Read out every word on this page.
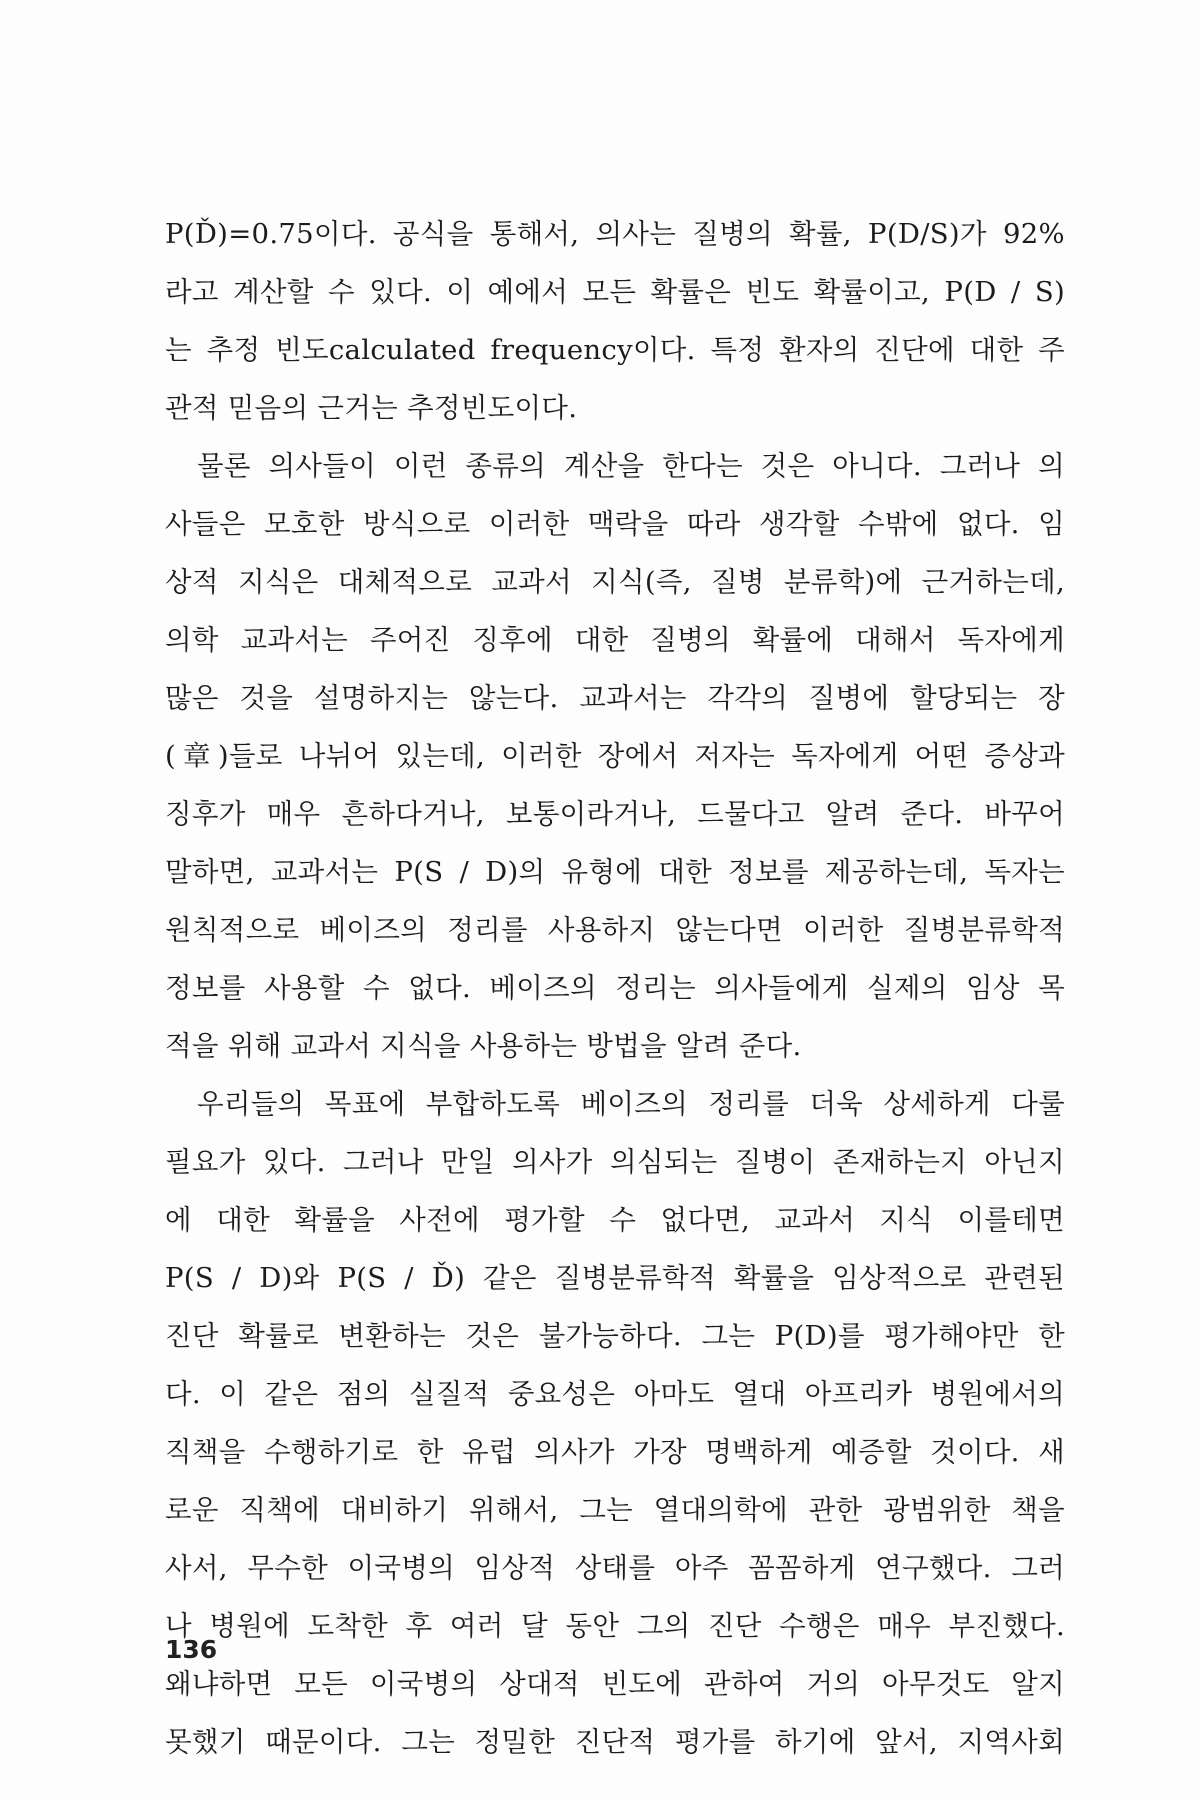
P(Ď)=0.75이다. 공식을 통해서, 의사는 질병의 확률, P(D/S)가 92%
라고 계산할 수 있다. 이 예에서 모든 확률은 빈도 확률이고, P(D / S)
는 추정 빈도calculated frequency이다. 특정 환자의 진단에 대한 주
관적 믿음의 근거는 추정빈도이다.
물론 의사들이 이런 종류의 계산을 한다는 것은 아니다. 그러나 의
사들은 모호한 방식으로 이러한 맥락을 따라 생각할 수밖에 없다. 임
상적 지식은 대체적으로 교과서 지식(즉, 질병 분류학)에 근거하는데,
의학 교과서는 주어진 징후에 대한 질병의 확률에 대해서 독자에게
많은 것을 설명하지는 않는다. 교과서는 각각의 질병에 할당되는 장
(章)들로 나뉘어 있는데, 이러한 장에서 저자는 독자에게 어떤 증상과
징후가 매우 흔하다거나, 보통이라거나, 드물다고 알려 준다. 바꾸어
말하면, 교과서는 P(S / D)의 유형에 대한 정보를 제공하는데, 독자는
원칙적으로 베이즈의 정리를 사용하지 않는다면 이러한 질병분류학적
정보를 사용할 수 없다. 베이즈의 정리는 의사들에게 실제의 임상 목
적을 위해 교과서 지식을 사용하는 방법을 알려 준다.
우리들의 목표에 부합하도록 베이즈의 정리를 더욱 상세하게 다룰
필요가 있다. 그러나 만일 의사가 의심되는 질병이 존재하는지 아닌지
에 대한 확률을 사전에 평가할 수 없다면, 교과서 지식 이를테면
P(S / D)와 P(S / Ď) 같은 질병분류학적 확률을 임상적으로 관련된
진단 확률로 변환하는 것은 불가능하다. 그는 P(D)를 평가해야만 한
다. 이 같은 점의 실질적 중요성은 아마도 열대 아프리카 병원에서의
직책을 수행하기로 한 유럽 의사가 가장 명백하게 예증할 것이다. 새
로운 직책에 대비하기 위해서, 그는 열대의학에 관한 광범위한 책을
사서, 무수한 이국병의 임상적 상태를 아주 꼼꼼하게 연구했다. 그러
나 병원에 도착한 후 여러 달 동안 그의 진단 수행은 매우 부진했다.
왜냐하면 모든 이국병의 상대적 빈도에 관하여 거의 아무것도 알지
못했기 때문이다. 그는 정밀한 진단적 평가를 하기에 앞서, 지역사회
136
